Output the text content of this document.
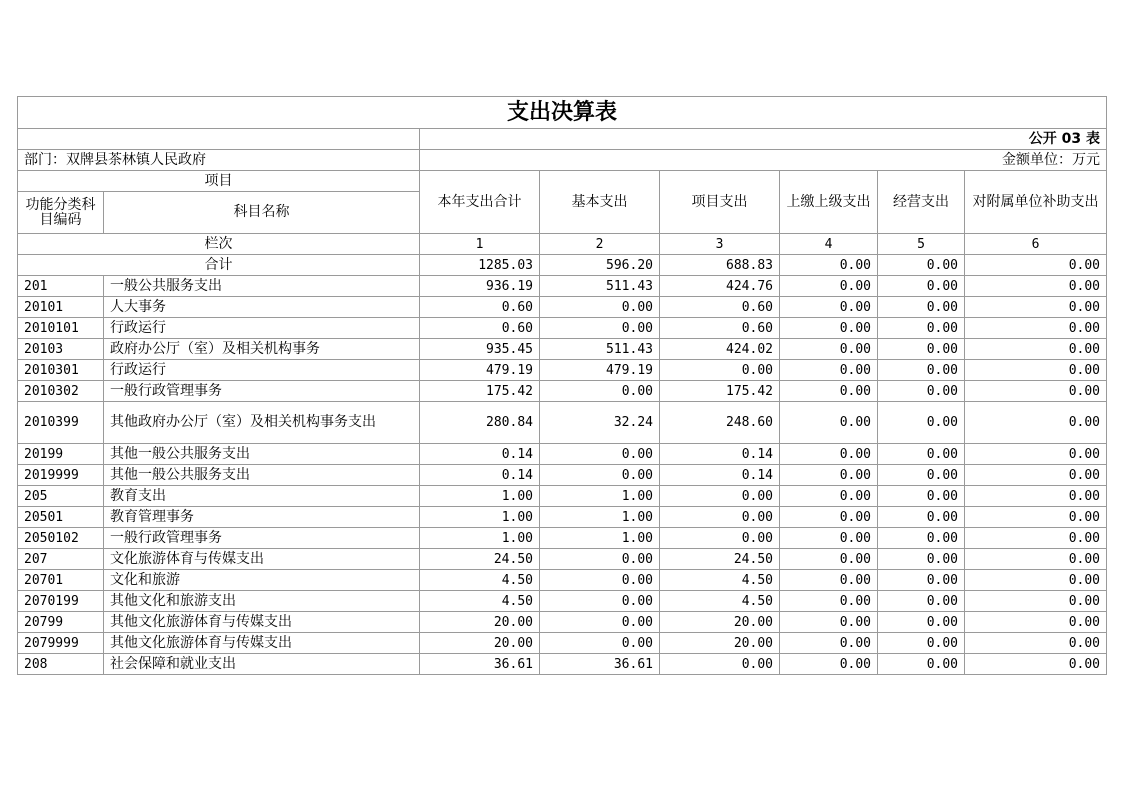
支出决算表							
		公开 03 表					
部门：双牌县茶林镇人民政府		金额单位：万元					
项目		本年支出合计	基本支出	项目支出	上缴上级支出	经营支出	对附属单位补助支出
功能分类科目编码	科目名称						
栏次		1	2	3	4	5	6
合计		1285.03	596.20	688.83	0.00	0.00	0.00
201	一般公共服务支出	936.19	511.43	424.76	0.00	0.00	0.00
20101	人大事务	0.60	0.00	0.60	0.00	0.00	0.00
2010101	行政运行	0.60	0.00	0.60	0.00	0.00	0.00
20103	政府办公厅（室）及相关机构事务	935.45	511.43	424.02	0.00	0.00	0.00
2010301	行政运行	479.19	479.19	0.00	0.00	0.00	0.00
2010302	一般行政管理事务	175.42	0.00	175.42	0.00	0.00	0.00
2010399	其他政府办公厅（室）及相关机构事务支出	280.84	32.24	248.60	0.00	0.00	0.00
20199	其他一般公共服务支出	0.14	0.00	0.14	0.00	0.00	0.00
2019999	其他一般公共服务支出	0.14	0.00	0.14	0.00	0.00	0.00
205	教育支出	1.00	1.00	0.00	0.00	0.00	0.00
20501	教育管理事务	1.00	1.00	0.00	0.00	0.00	0.00
2050102	一般行政管理事务	1.00	1.00	0.00	0.00	0.00	0.00
207	文化旅游体育与传媒支出	24.50	0.00	24.50	0.00	0.00	0.00
20701	文化和旅游	4.50	0.00	4.50	0.00	0.00	0.00
2070199	其他文化和旅游支出	4.50	0.00	4.50	0.00	0.00	0.00
20799	其他文化旅游体育与传媒支出	20.00	0.00	20.00	0.00	0.00	0.00
2079999	其他文化旅游体育与传媒支出	20.00	0.00	20.00	0.00	0.00	0.00
208	社会保障和就业支出	36.61	36.61	0.00	0.00	0.00	0.00
